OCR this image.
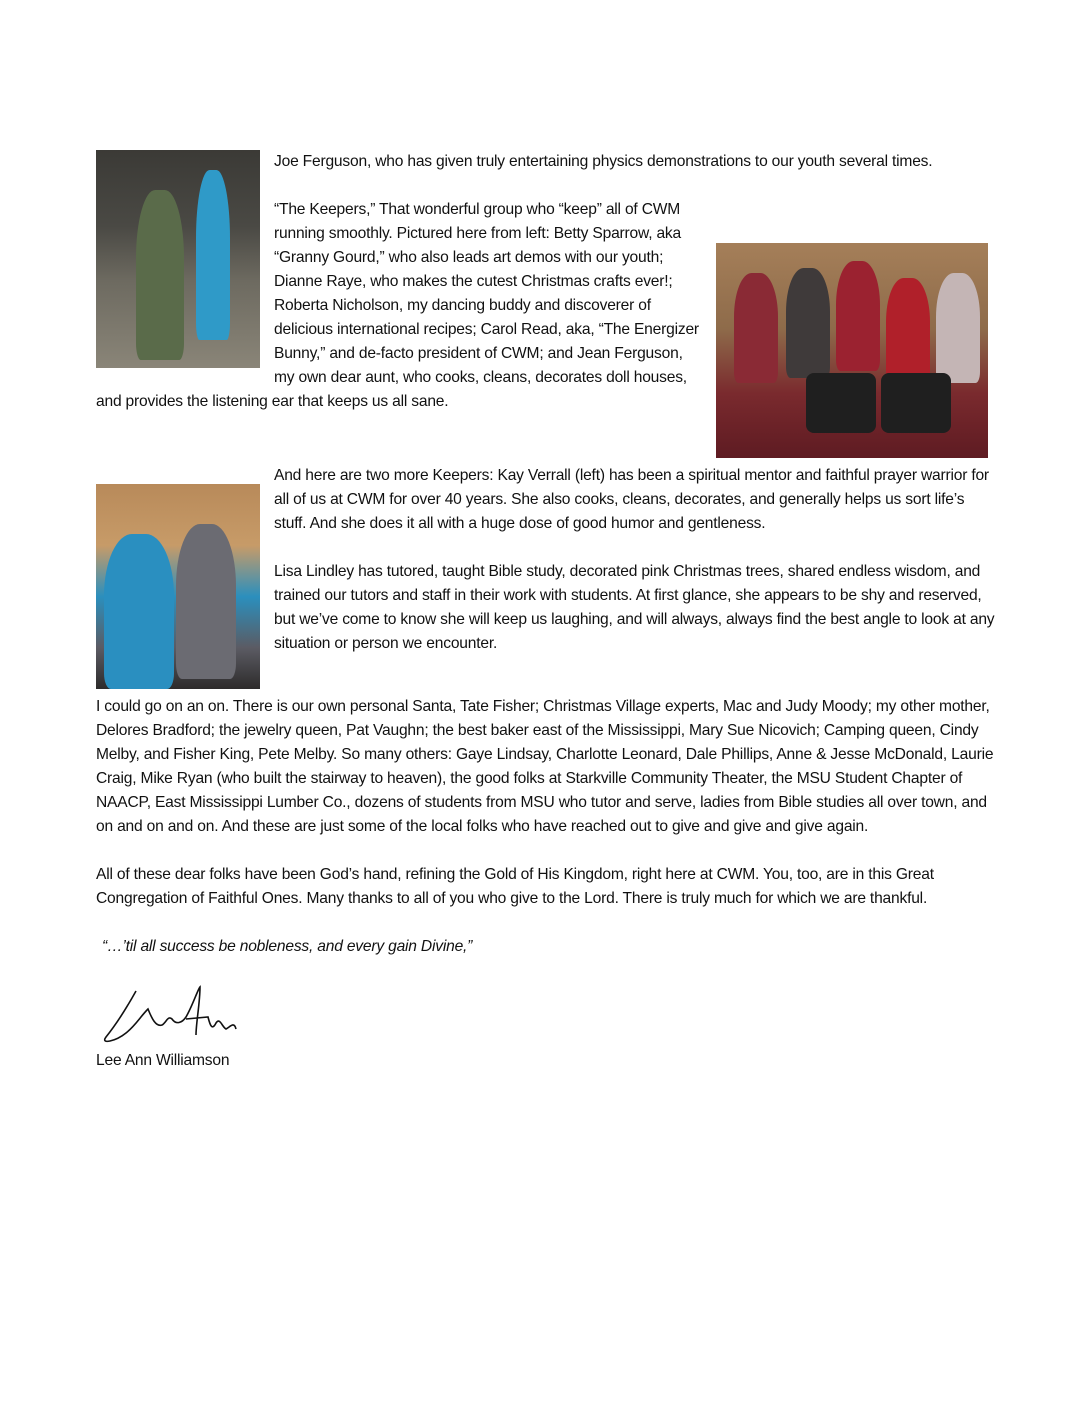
Joe Ferguson, who has given truly entertaining physics demonstrations to our youth several times.

“The Keepers,” That wonderful group who “keep” all of CWM running smoothly. Pictured here from left: Betty Sparrow, aka “Granny Gourd,” who also leads art demos with our youth; Dianne Raye, who makes the cutest Christmas crafts ever!; Roberta Nicholson, my dancing buddy and discoverer of delicious international recipes; Carol Read, aka, “The Energizer Bunny,” and de-facto president of CWM; and Jean Ferguson, my own dear aunt, who cooks, cleans, decorates doll houses, and provides the listening ear that keeps us all sane.

And here are two more Keepers: Kay Verrall (left) has been a spiritual mentor and faithful prayer warrior for all of us at CWM for over 40 years. She also cooks, cleans, decorates, and generally helps us sort life’s stuff. And she does it all with a huge dose of good humor and gentleness.

Lisa Lindley has tutored, taught Bible study, decorated pink Christmas trees, shared endless wisdom, and trained our tutors and staff in their work with students. At first glance, she appears to be shy and reserved, but we’ve come to know she will keep us laughing, and will always, always find the best angle to look at any situation or person we encounter.

I could go on an on. There is our own personal Santa, Tate Fisher; Christmas Village experts, Mac and Judy Moody; my other mother, Delores Bradford; the jewelry queen, Pat Vaughn; the best baker east of the Mississippi, Mary Sue Nicovich; Camping queen, Cindy Melby, and Fisher King, Pete Melby. So many others: Gaye Lindsay, Charlotte Leonard, Dale Phillips, Anne & Jesse McDonald, Laurie Craig, Mike Ryan (who built the stairway to heaven), the good folks at Starkville Community Theater, the MSU Student Chapter of NAACP, East Mississippi Lumber Co., dozens of students from MSU who tutor and serve, ladies from Bible studies all over town, and on and on and on. And these are just some of the local folks who have reached out to give and give and give again.

All of these dear folks have been God’s hand, refining the Gold of His Kingdom, right here at CWM. You, too, are in this Great Congregation of Faithful Ones. Many thanks to all of you who give to the Lord. There is truly much for which we are thankful.

“…’til all success be nobleness, and every gain Divine,”
Lee Ann Williamson
